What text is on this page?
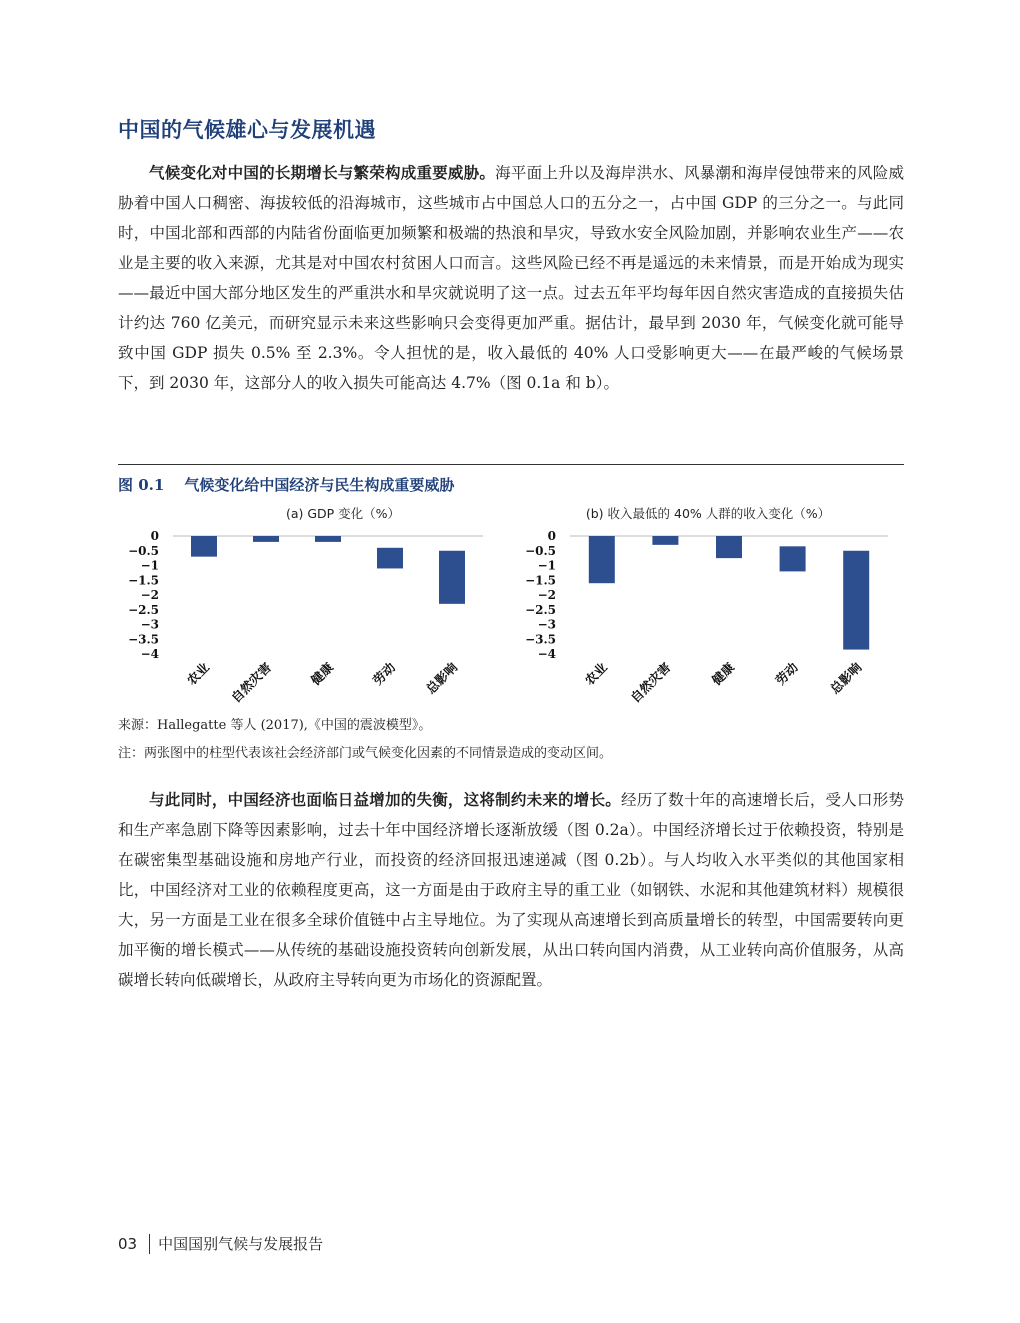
中国的气候雄心与发展机遇

气候变化对中国的长期增长与繁荣构成重要威胁。海平面上升以及海岸洪水、风暴潮和海岸侵蚀带来的风险威胁着中国人口稠密、海拔较低的沿海城市，这些城市占中国总人口的五分之一，占中国 GDP 的三分之一。与此同时，中国北部和西部的内陆省份面临更加频繁和极端的热浪和旱灾，导致水安全风险加剧，并影响农业生产——农业是主要的收入来源，尤其是对中国农村贫困人口而言。这些风险已经不再是遥远的未来情景，而是开始成为现实——最近中国大部分地区发生的严重洪水和旱灾就说明了这一点。过去五年平均每年因自然灾害造成的直接损失估计约达 760 亿美元，而研究显示未来这些影响只会变得更加严重。据估计，最早到 2030 年，气候变化就可能导致中国 GDP 损失 0.5% 至 2.3%。令人担忧的是，收入最低的 40% 人口受影响更大——在最严峻的气候场景下，到 2030 年，这部分人的收入损失可能高达 4.7%（图 0.1a 和 b）。

图 0.1 气候变化给中国经济与民生构成重要威胁

(a) GDP 变化（%）
0
−0.5
−1
−1.5
−2
−2.5
−3
−3.5
−4
农业 自然灾害	健康	劳动 总影响
(b) 收入最低的 40% 人群的收入变化（%）
0
−0.5
−1
−1.5
−2
−2.5
−3
−3.5
−4
农业 自然灾害	健康	劳动 总影响

来源：Hallegatte 等人 (2017),《中国的震波模型》。

注：两张图中的柱型代表该社会经济部门或气候变化因素的不同情景造成的变动区间。

与此同时，中国经济也面临日益增加的失衡，这将制约未来的增长。经历了数十年的高速增长后，受人口形势和生产率急剧下降等因素影响，过去十年中国经济增长逐渐放缓（图 0.2a）。中国经济增长过于依赖投资，特别是在碳密集型基础设施和房地产行业，而投资的经济回报迅速递减（图 0.2b）。与人均收入水平类似的其他国家相比，中国经济对工业的依赖程度更高，这一方面是由于政府主导的重工业（如钢铁、水泥和其他建筑材料）规模很大，另一方面是工业在很多全球价值链中占主导地位。为了实现从高速增长到高质量增长的转型，中国需要转向更加平衡的增长模式——从传统的基础设施投资转向创新发展，从出口转向国内消费，从工业转向高价值服务，从高碳增长转向低碳增长，从政府主导转向更为市场化的资源配置。

03 中国国别气候与发展报告
